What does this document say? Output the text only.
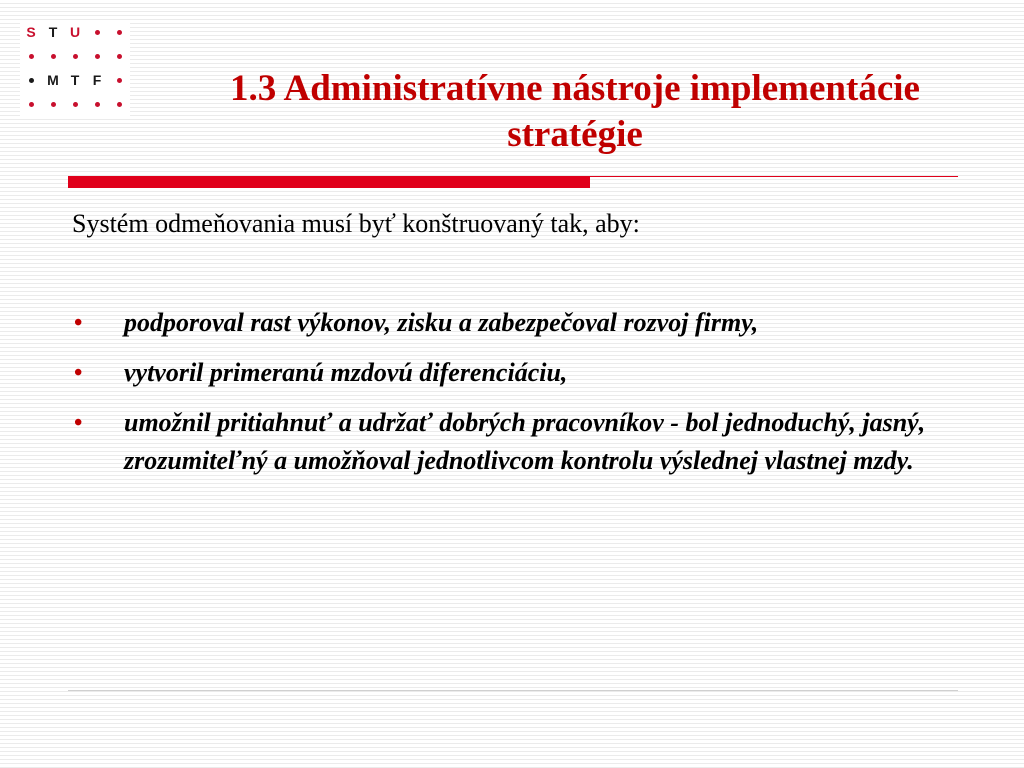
S T U
M T F	1.3 Administratívne nástroje implementácie
stratégie

Systém odmeňovania musí byť konštruovaný tak, aby:

• podporoval rast výkonov, zisku a zabezpečoval rozvoj firmy,
• vytvoril primeranú mzdovú diferenciáciu,
• umožnil pritiahnuť a udržať dobrých pracovníkov - bol jednoduchý, jasný, zrozumiteľný a umožňoval jednotlivcom kontrolu výslednej vlastnej mzdy.
